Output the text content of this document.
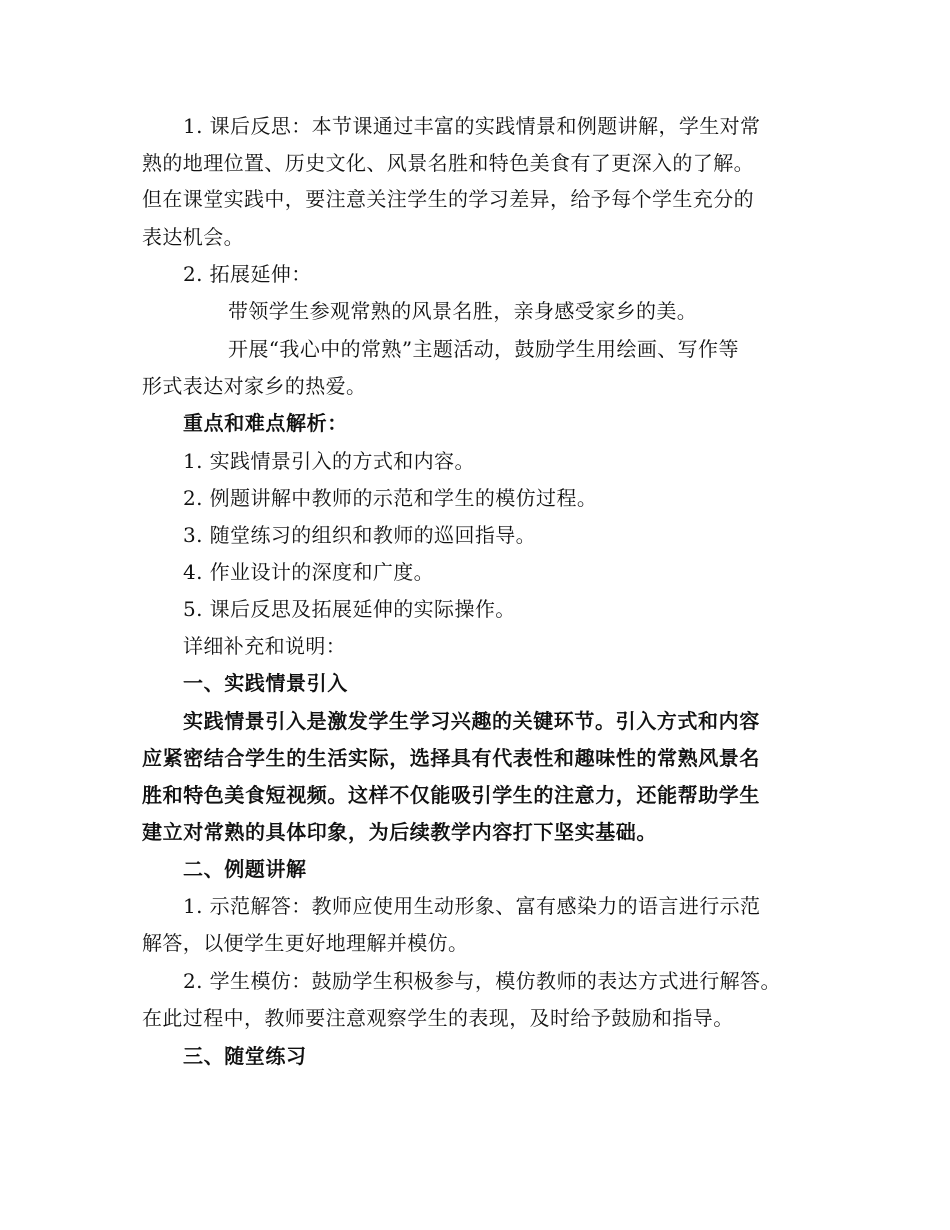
1. 课后反思：本节课通过丰富的实践情景和例题讲解，学生对常
熟的地理位置、历史文化、风景名胜和特色美食有了更深入的了解。
但在课堂实践中，要注意关注学生的学习差异，给予每个学生充分的
表达机会。
2. 拓展延伸：
带领学生参观常熟的风景名胜，亲身感受家乡的美。
开展“我心中的常熟”主题活动，鼓励学生用绘画、写作等
形式表达对家乡的热爱。
重点和难点解析：
1. 实践情景引入的方式和内容。
2. 例题讲解中教师的示范和学生的模仿过程。
3. 随堂练习的组织和教师的巡回指导。
4. 作业设计的深度和广度。
5. 课后反思及拓展延伸的实际操作。
详细补充和说明：
一、实践情景引入
实践情景引入是激发学生学习兴趣的关键环节。引入方式和内容
应紧密结合学生的生活实际，选择具有代表性和趣味性的常熟风景名
胜和特色美食短视频。这样不仅能吸引学生的注意力，还能帮助学生
建立对常熟的具体印象，为后续教学内容打下坚实基础。
二、例题讲解
1. 示范解答：教师应使用生动形象、富有感染力的语言进行示范
解答，以便学生更好地理解并模仿。
2. 学生模仿：鼓励学生积极参与，模仿教师的表达方式进行解答。
在此过程中，教师要注意观察学生的表现，及时给予鼓励和指导。
三、随堂练习
